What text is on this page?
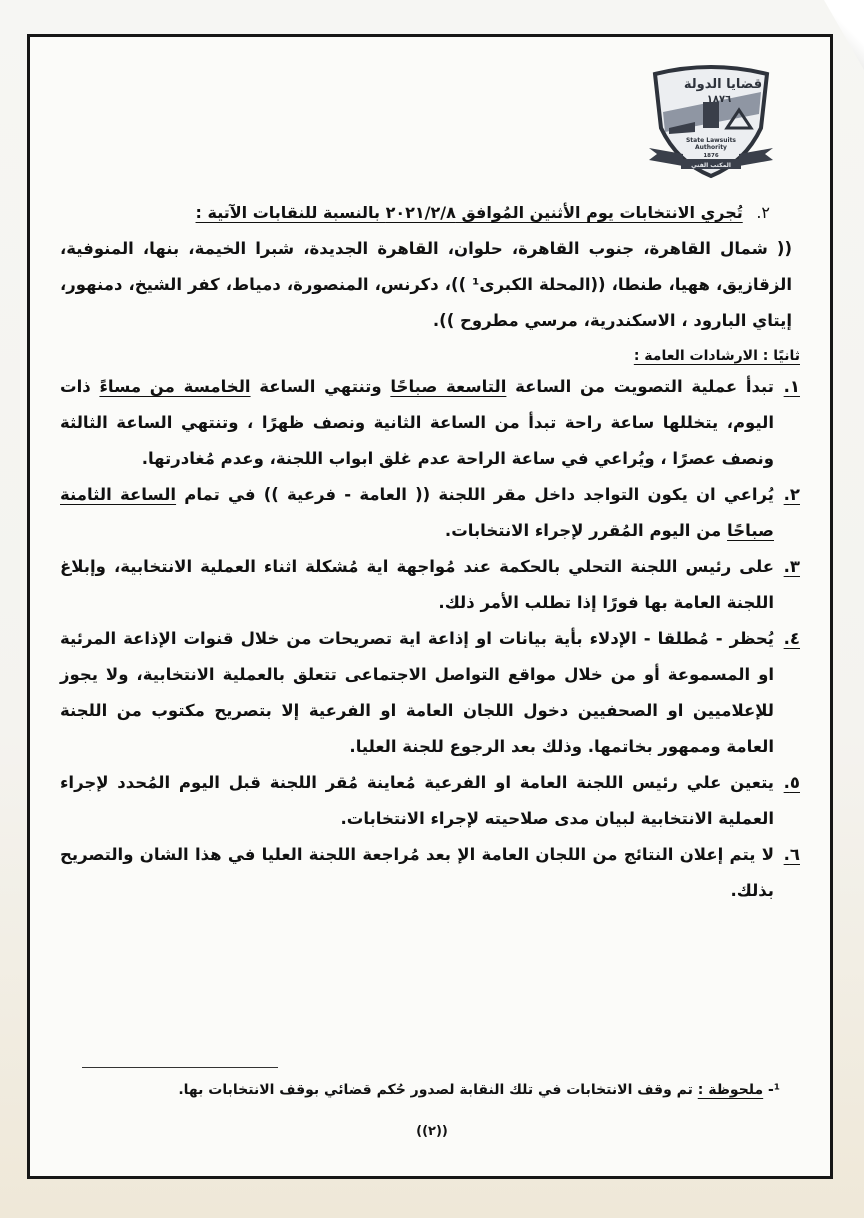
قضايا الدولة
١٨٧٦
State Lawsuits
Authority
1876
المكتب الفني
٢. تُجري الانتخابات يوم الأثنين المُوافق ٢٠٢١/٢/٨ بالنسبة للنقابات الآتية :
(( شمال القاهرة، جنوب القاهرة، حلوان، القاهرة الجديدة، شبرا الخيمة، بنها، المنوفية، الزقازيق، ههيا، طنطا، ((المحلة الكبرى¹ ))، دكرنس، المنصورة، دمياط، كفر الشيخ، دمنهور، إيتاي البارود ، الاسكندرية، مرسي مطروح )).
ثانيًا : الارشادات العامة :
١.
تبدأ عملية التصويت من الساعة التاسعة صباحًا وتنتهي الساعة الخامسة من مساءً ذات اليوم، يتخللها ساعة راحة تبدأ من الساعة الثانية ونصف ظهرًا ، وتنتهي الساعة الثالثة ونصف عصرًا ، ويُراعي في ساعة الراحة عدم غلق ابواب اللجنة، وعدم مُغادرتها.
٢.
يُراعي ان يكون التواجد داخل مقر اللجنة (( العامة - فرعية )) في تمام الساعة الثامنة صباحًا من اليوم المُقرر لإجراء الانتخابات.
٣.
على رئيس اللجنة التحلي بالحكمة عند مُواجهة اية مُشكلة اثناء العملية الانتخابية، وإبلاغ اللجنة العامة بها فورًا إذا تطلب الأمر ذلك.
٤.
يُحظر - مُطلقا - الإدلاء بأية بيانات او إذاعة اية تصريحات من خلال قنوات الإذاعة المرئية او المسموعة أو من خلال مواقع التواصل الاجتماعى تتعلق بالعملية الانتخابية، ولا يجوز للإعلاميين او الصحفيين دخول اللجان العامة او الفرعية إلا بتصريح مكتوب من اللجنة العامة وممهور بخاتمها. وذلك بعد الرجوع للجنة العليا.
٥.
يتعين علي رئيس اللجنة العامة او الفرعية مُعاينة مُقر اللجنة قبل اليوم المُحدد لإجراء العملية الانتخابية لبيان مدى صلاحيته لإجراء الانتخابات.
٦.
لا يتم إعلان النتائج من اللجان العامة الإ بعد مُراجعة اللجنة العليا في هذا الشان والتصريح بذلك.
¹- ملحوظة : تم وقف الانتخابات في تلك النقابة لصدور حُكم قضائي بوقف الانتخابات بها.
((٢))
